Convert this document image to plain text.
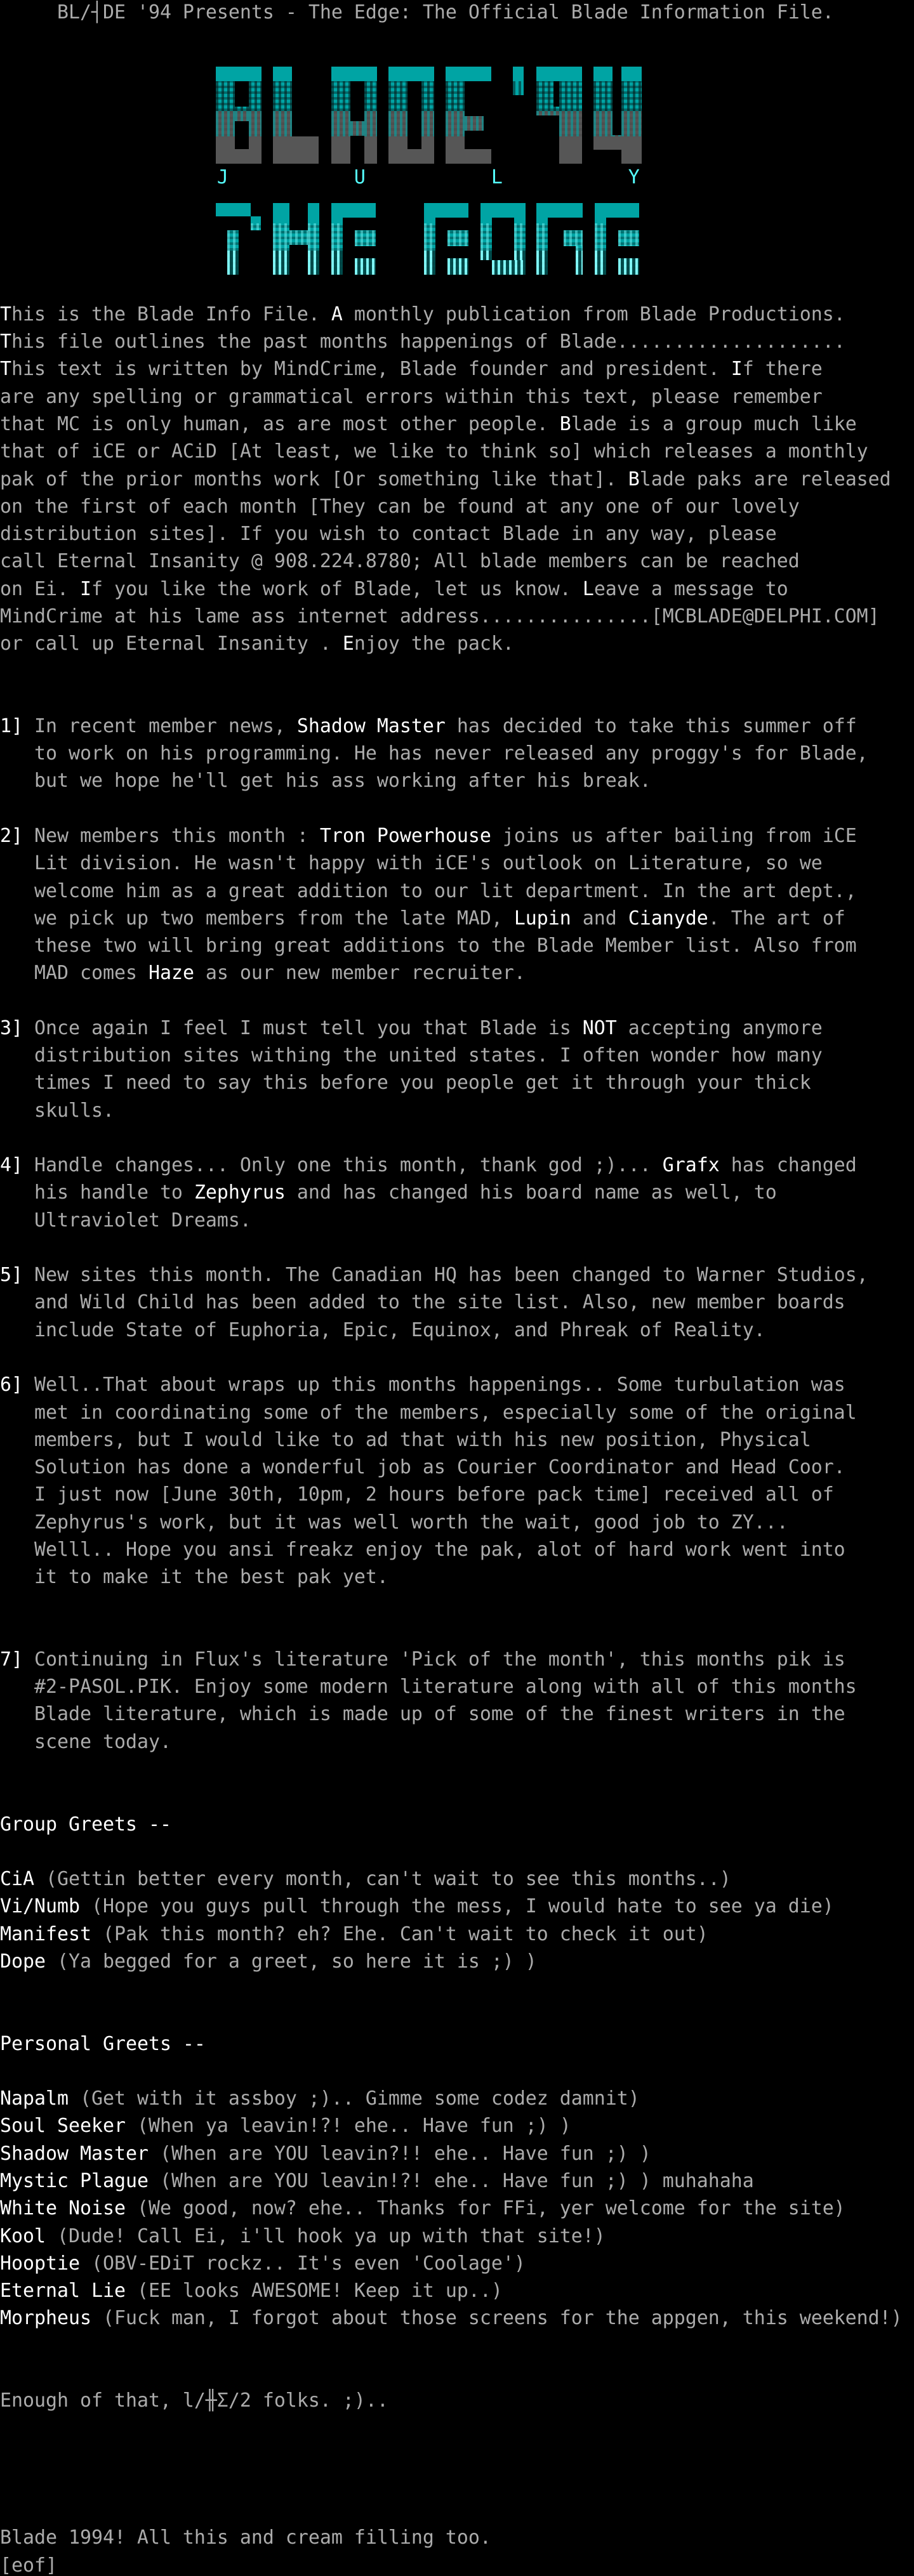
BL/┤DE '94 Presents - The Edge: The Official Blade Information File.
J           U           L           Y
This is the Blade Info File. A monthly publication from Blade Productions.
This file outlines the past months happenings of Blade....................
This text is written by MindCrime, Blade founder and president. If there
are any spelling or grammatical errors within this text, please remember
that MC is only human, as are most other people. Blade is a group much like
that of iCE or ACiD [At least, we like to think so] which releases a monthly
pak of the prior months work [Or something like that]. Blade paks are released
on the first of each month [They can be found at any one of our lovely
distribution sites]. If you wish to contact Blade in any way, please
call Eternal Insanity @ 908.224.8780; All blade members can be reached
on Ei. If you like the work of Blade, let us know. Leave a message to
MindCrime at his lame ass internet address...............[MCBLADE@DELPHI.COM]
or call up Eternal Insanity . Enjoy the pack.
1] In recent member news, Shadow Master has decided to take this summer off
to work on his programming. He has never released any proggy's for Blade,
but we hope he'll get his ass working after his break.
2] New members this month : Tron Powerhouse joins us after bailing from iCE
Lit division. He wasn't happy with iCE's outlook on Literature, so we
welcome him as a great addition to our lit department. In the art dept.,
we pick up two members from the late MAD, Lupin and Cianyde. The art of
these two will bring great additions to the Blade Member list. Also from
MAD comes Haze as our new member recruiter.
3] Once again I feel I must tell you that Blade is NOT accepting anymore
distribution sites withing the united states. I often wonder how many
times I need to say this before you people get it through your thick
skulls.
4] Handle changes... Only one this month, thank god ;)... Grafx has changed
his handle to Zephyrus and has changed his board name as well, to
Ultraviolet Dreams.
5] New sites this month. The Canadian HQ has been changed to Warner Studios,
and Wild Child has been added to the site list. Also, new member boards
include State of Euphoria, Epic, Equinox, and Phreak of Reality.
6] Well..That about wraps up this months happenings.. Some turbulation was
met in coordinating some of the members, especially some of the original
members, but I would like to ad that with his new position, Physical
Solution has done a wonderful job as Courier Coordinator and Head Coor.
I just now [June 30th, 10pm, 2 hours before pack time] received all of
Zephyrus's work, but it was well worth the wait, good job to ZY...
Welll.. Hope you ansi freakz enjoy the pak, alot of hard work went into
it to make it the best pak yet.
7] Continuing in Flux's literature 'Pick of the month', this months pik is
#2-PASOL.PIK. Enjoy some modern literature along with all of this months
Blade literature, which is made up of some of the finest writers in the
scene today.
Group Greets --
CiA (Gettin better every month, can't wait to see this months..)
Vi/Numb (Hope you guys pull through the mess, I would hate to see ya die)
Manifest (Pak this month? eh? Ehe. Can't wait to check it out)
Dope (Ya begged for a greet, so here it is ;) )
Personal Greets --
Napalm (Get with it assboy ;).. Gimme some codez damnit)
Soul Seeker (When ya leavin!?! ehe.. Have fun ;) )
Shadow Master (When are YOU leavin?!! ehe.. Have fun ;) )
Mystic Plague (When are YOU leavin!?! ehe.. Have fun ;) ) muhahaha
White Noise (We good, now? ehe.. Thanks for FFi, yer welcome for the site)
Kool (Dude! Call Ei, i'll hook ya up with that site!)
Hooptie (OBV-EDiT rockz.. It's even 'Coolage')
Eternal Lie (EE looks AWESOME! Keep it up..)
Morpheus (Fuck man, I forgot about those screens for the appgen, this weekend!)
Enough of that, l/╫Σ/2 folks. ;)..
Blade 1994! All this and cream filling too.
[eof]
